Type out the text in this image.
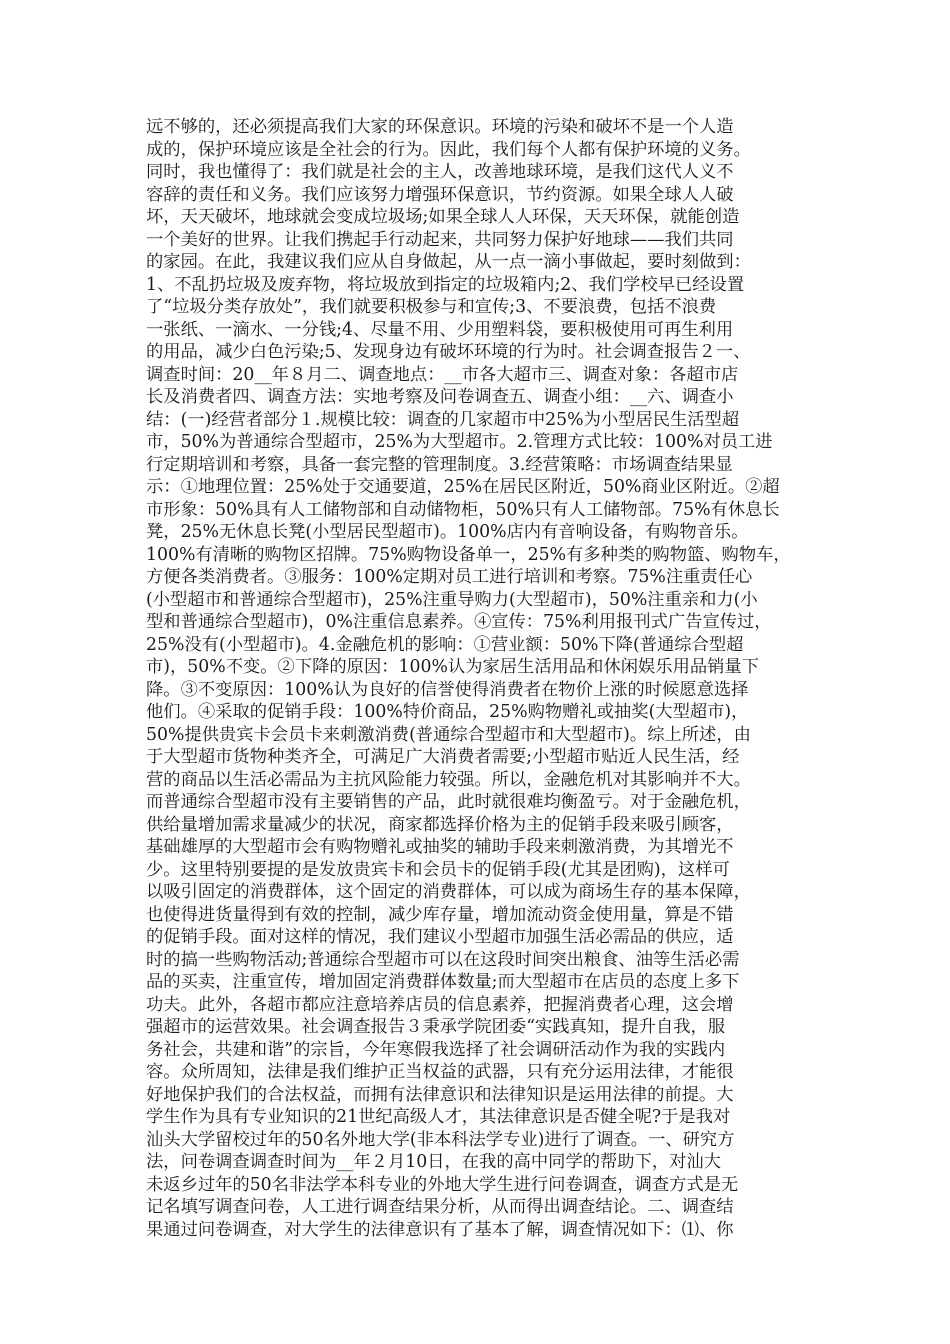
远不够的，还必须提高我们大家的环保意识。环境的污染和破坏不是一个人造
成的，保护环境应该是全社会的行为。因此，我们每个人都有保护环境的义务。
同时，我也懂得了：我们就是社会的主人，改善地球环境，是我们这代人义不
容辞的责任和义务。我们应该努力增强环保意识，节约资源。如果全球人人破
坏，天天破坏，地球就会变成垃圾场;如果全球人人环保，天天环保，就能创造
一个美好的世界。让我们携起手行动起来，共同努力保护好地球——我们共同
的家园。在此，我建议我们应从自身做起，从一点一滴小事做起，要时刻做到：
1、不乱扔垃圾及废弃物，将垃圾放到指定的垃圾箱内;2、我们学校早已经设置
了“垃圾分类存放处”，我们就要积极参与和宣传;3、不要浪费，包括不浪费
一张纸、一滴水、一分钱;4、尽量不用、少用塑料袋，要积极使用可再生利用
的用品，减少白色污染;5、发现身边有破坏环境的行为时。社会调查报告２一、
调查时间：20__年８月二、调查地点：__市各大超市三、调查对象：各超市店
长及消费者四、调查方法：实地考察及问卷调查五、调查小组：__六、调查小
结：(一)经营者部分１.规模比较：调查的几家超市中25%为小型居民生活型超
市，50%为普通综合型超市，25%为大型超市。2.管理方式比较：100%对员工进
行定期培训和考察，具备一套完整的管理制度。3.经营策略：市场调查结果显
示：①地理位置：25%处于交通要道，25%在居民区附近，50%商业区附近。②超
市形象：50%具有人工储物部和自动储物柜，50%只有人工储物部。75%有休息长
凳，25%无休息长凳(小型居民型超市)。100%店内有音响设备，有购物音乐。
100%有清晰的购物区招牌。75%购物设备单一，25%有多种类的购物篮、购物车，
方便各类消费者。③服务：100%定期对员工进行培训和考察。75%注重责任心
(小型超市和普通综合型超市)，25%注重导购力(大型超市)，50%注重亲和力(小
型和普通综合型超市)，0%注重信息素养。④宣传：75%利用报刊式广告宣传过，
25%没有(小型超市)。4.金融危机的影响：①营业额：50%下降(普通综合型超
市)，50%不变。②下降的原因：100%认为家居生活用品和休闲娱乐用品销量下
降。③不变原因：100%认为良好的信誉使得消费者在物价上涨的时候愿意选择
他们。④采取的促销手段：100%特价商品，25%购物赠礼或抽奖(大型超市)，
50%提供贵宾卡会员卡来刺激消费(普通综合型超市和大型超市)。综上所述，由
于大型超市货物种类齐全，可满足广大消费者需要;小型超市贴近人民生活，经
营的商品以生活必需品为主抗风险能力较强。所以，金融危机对其影响并不大。
而普通综合型超市没有主要销售的产品，此时就很难均衡盈亏。对于金融危机，
供给量增加需求量减少的状况，商家都选择价格为主的促销手段来吸引顾客，
基础雄厚的大型超市会有购物赠礼或抽奖的辅助手段来刺激消费，为其增光不
少。这里特别要提的是发放贵宾卡和会员卡的促销手段(尤其是团购)，这样可
以吸引固定的消费群体，这个固定的消费群体，可以成为商场生存的基本保障，
也使得进货量得到有效的控制，减少库存量，增加流动资金使用量，算是不错
的促销手段。面对这样的情况，我们建议小型超市加强生活必需品的供应，适
时的搞一些购物活动;普通综合型超市可以在这段时间突出粮食、油等生活必需
品的买卖，注重宣传，增加固定消费群体数量;而大型超市在店员的态度上多下
功夫。此外，各超市都应注意培养店员的信息素养，把握消费者心理，这会增
强超市的运营效果。社会调查报告３秉承学院团委“实践真知，提升自我，服
务社会，共建和谐”的宗旨，今年寒假我选择了社会调研活动作为我的实践内
容。众所周知，法律是我们维护正当权益的武器，只有充分运用法律，才能很
好地保护我们的合法权益，而拥有法律意识和法律知识是运用法律的前提。大
学生作为具有专业知识的21世纪高级人才，其法律意识是否健全呢?于是我对
汕头大学留校过年的50名外地大学(非本科法学专业)进行了调查。一、研究方
法，问卷调查调查时间为__年２月10日，在我的高中同学的帮助下，对汕大
未返乡过年的50名非法学本科专业的外地大学生进行问卷调查，调查方式是无
记名填写调查问卷，人工进行调查结果分析，从而得出调查结论。二、调查结
果通过问卷调查，对大学生的法律意识有了基本了解，调查情况如下：⑴、你
